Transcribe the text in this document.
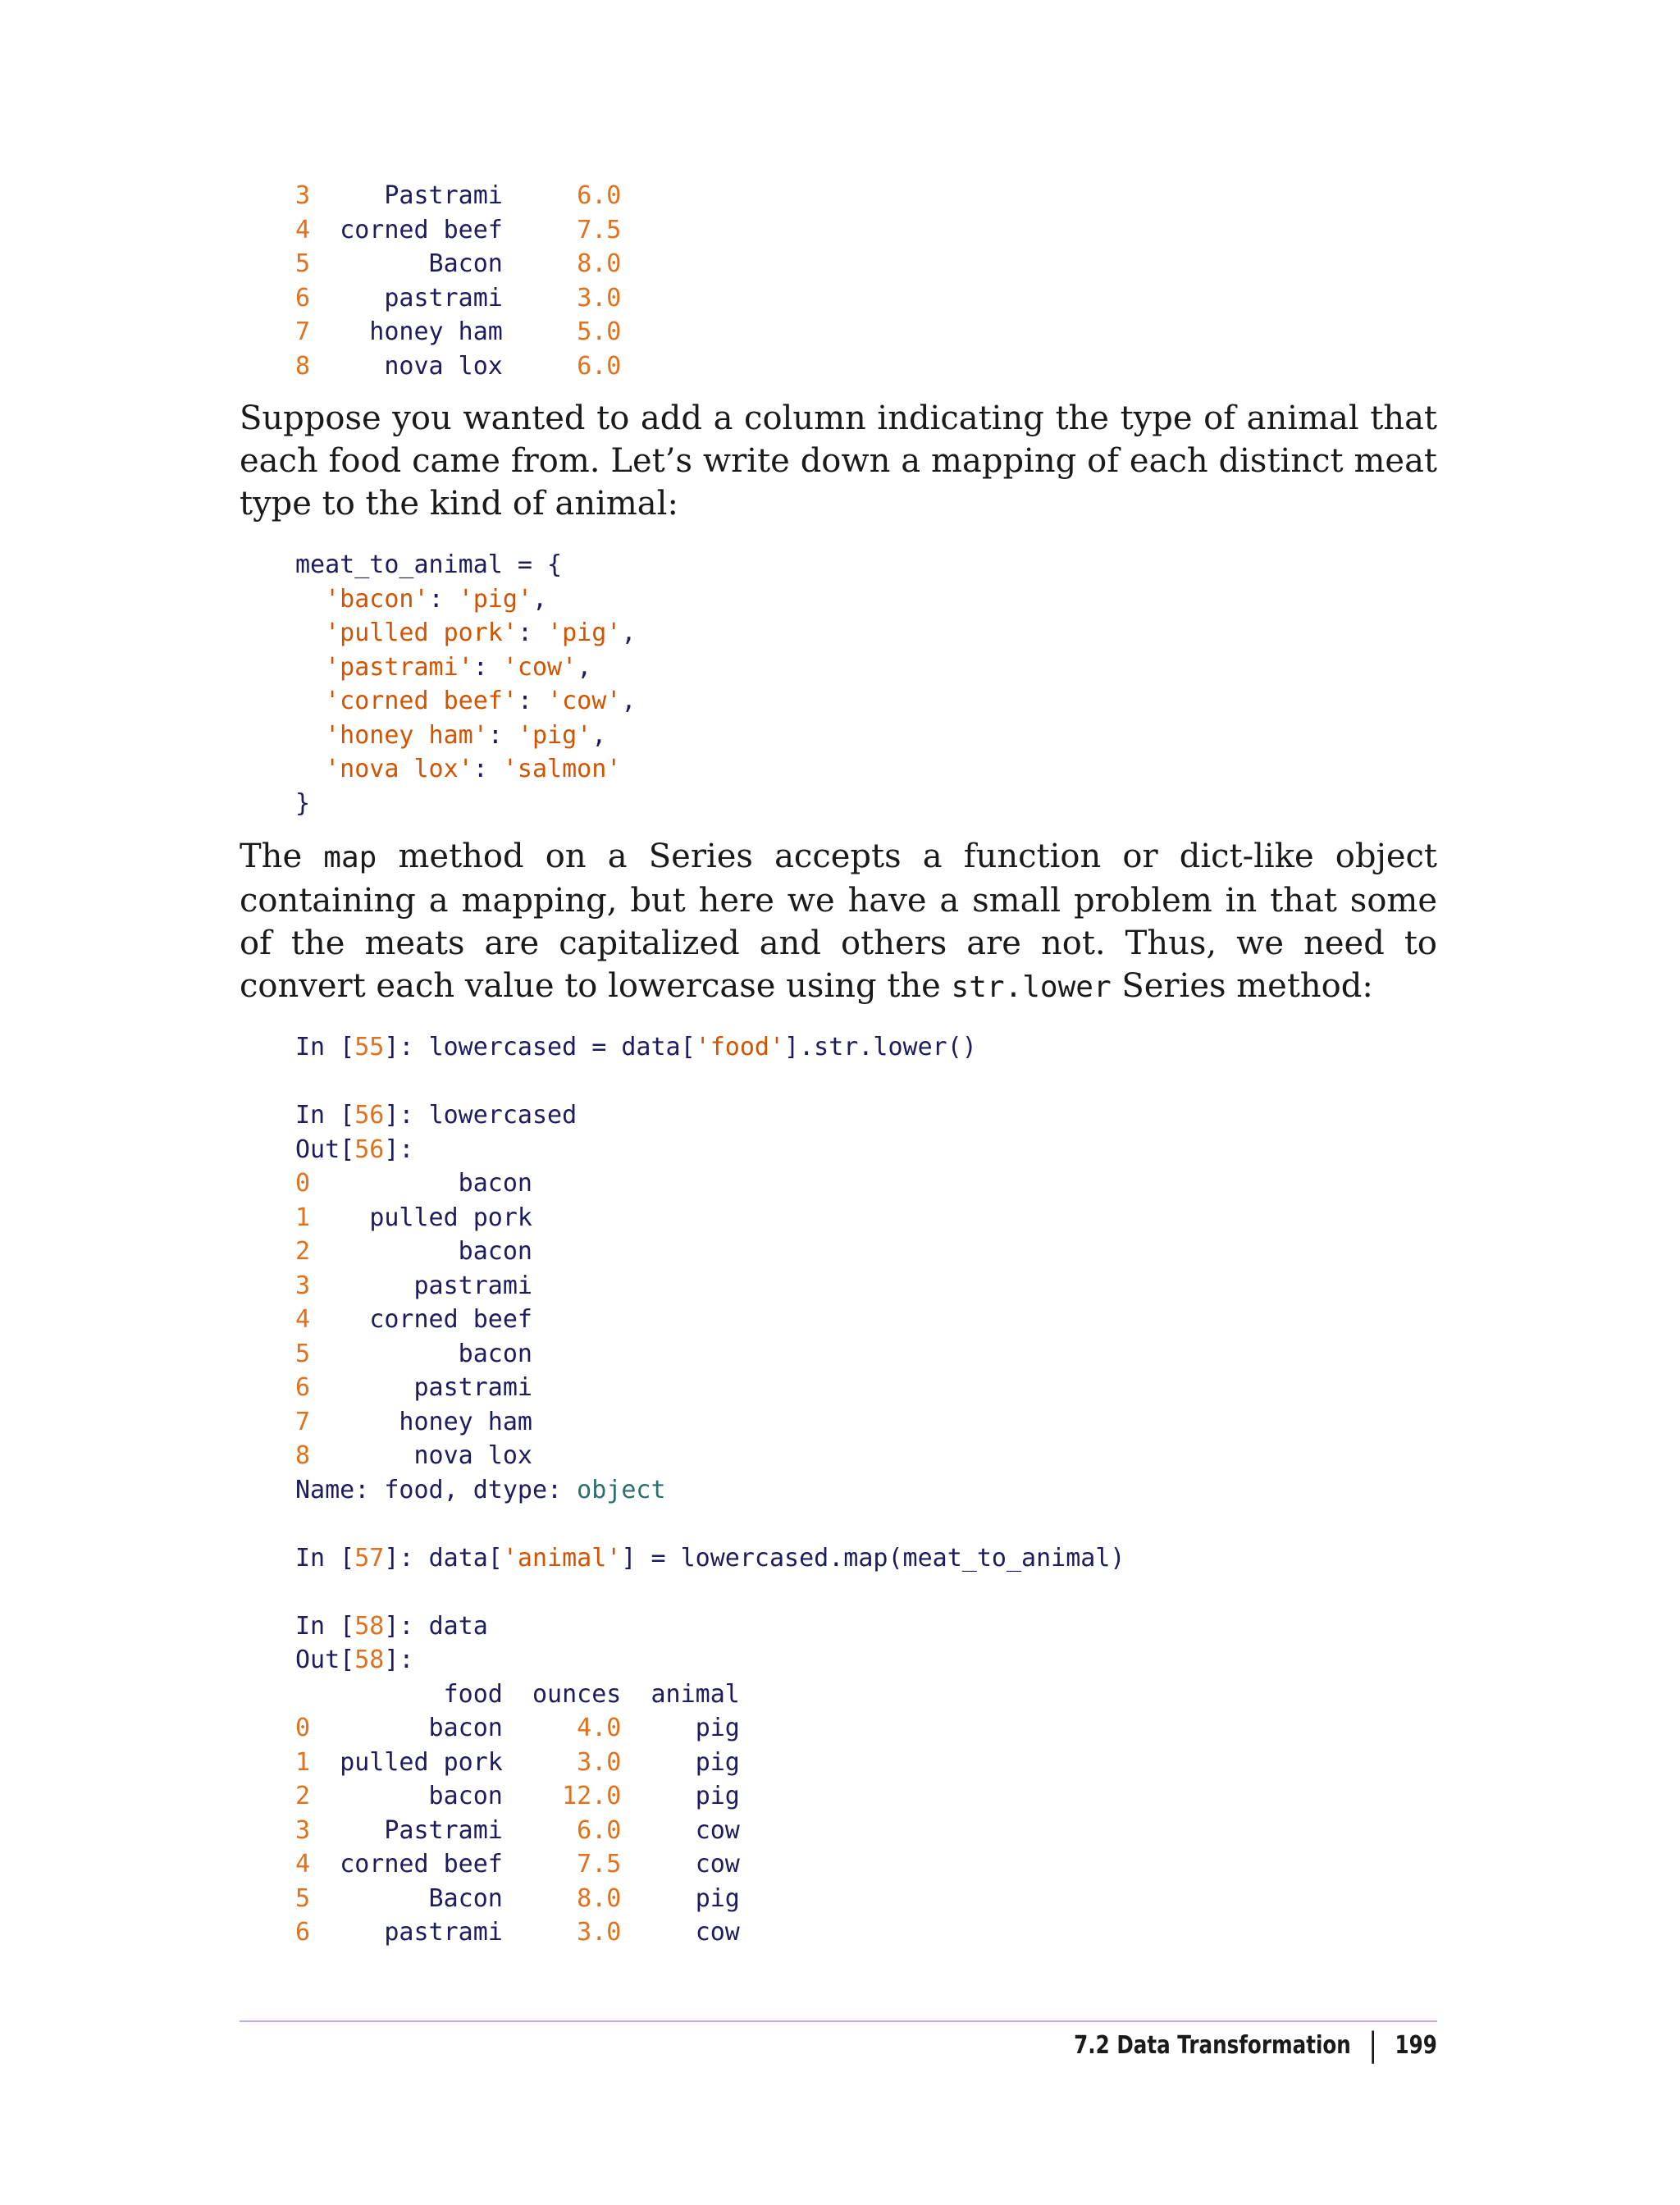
3     Pastrami	6.0
4 corned beef	7.5
5        Bacon	8.0
6     pastrami	3.0
7    honey ham	5.0
8     nova lox	6.0

Suppose you wanted to add a column indicating the type of animal that each food came from. Let’s write down a mapping of each distinct meat type to the kind of animal:

meat_to_animal = {
'bacon': 'pig',
'pulled pork': 'pig',
'pastrami': 'cow',
'corned beef': 'cow',
'honey ham': 'pig',
'nova lox': 'salmon'
}

The map method on a Series accepts a function or dict-like object containing a mapping, but here we have a small problem in that some of the meats are capitalized and others are not. Thus, we need to convert each value to lowercase using the str.lower Series method:

In [55]: lowercased = data['food'].str.lower()

In [56]: lowercased
Out[56]:
0          bacon
1 pulled pork
2          bacon
3       pastrami
4 corned beef
5          bacon
6       pastrami
7      honey ham
8       nova lox
Name: food, dtype: object

In [57]: data['animal'] = lowercased.map(meat_to_animal)

In [58]: data
Out[58]:
food  ounces  animal
0        bacon     4.0	pig
1 pulled pork     3.0	pig
2        bacon 12.0	pig
3     Pastrami     6.0	cow
4 corned beef     7.5	cow
5        Bacon     8.0	pig
6     pastrami     3.0	cow
7.2 Data Transformation | 199
